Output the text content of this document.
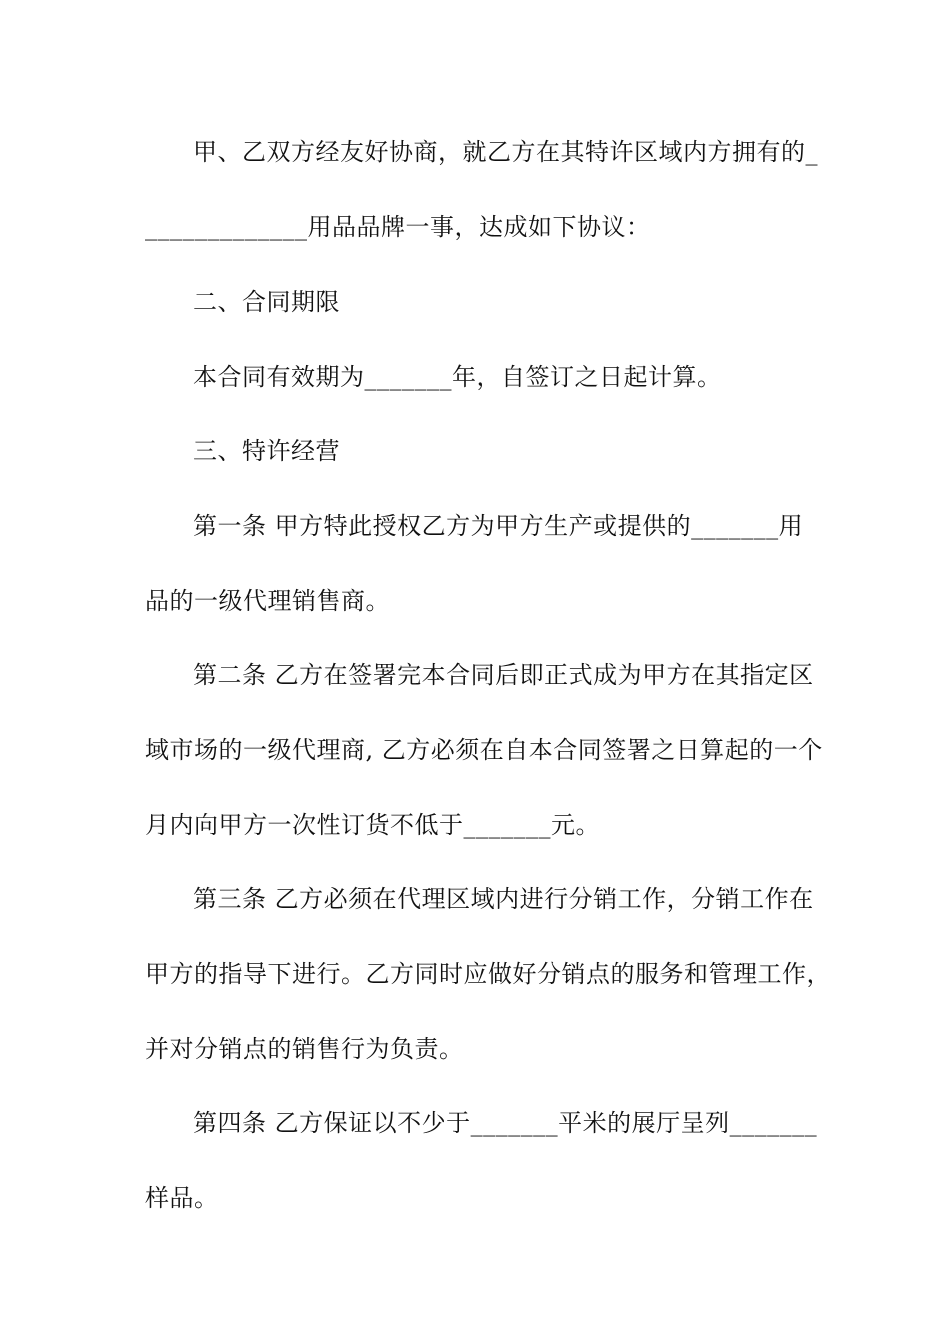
甲、乙双方经友好协商，就乙方在其特许区域内方拥有的_
_____________用品品牌一事，达成如下协议：
二、合同期限
本合同有效期为_______年，自签订之日起计算。
三、特许经营
第一条 甲方特此授权乙方为甲方生产或提供的_______用
品的一级代理销售商。
第二条 乙方在签署完本合同后即正式成为甲方在其指定区
域市场的一级代理商, 乙方必须在自本合同签署之日算起的一个
月内向甲方一次性订货不低于_______元。
第三条 乙方必须在代理区域内进行分销工作，分销工作在
甲方的指导下进行。乙方同时应做好分销点的服务和管理工作，
并对分销点的销售行为负责。
第四条 乙方保证以不少于_______平米的展厅呈列_______
样品。
